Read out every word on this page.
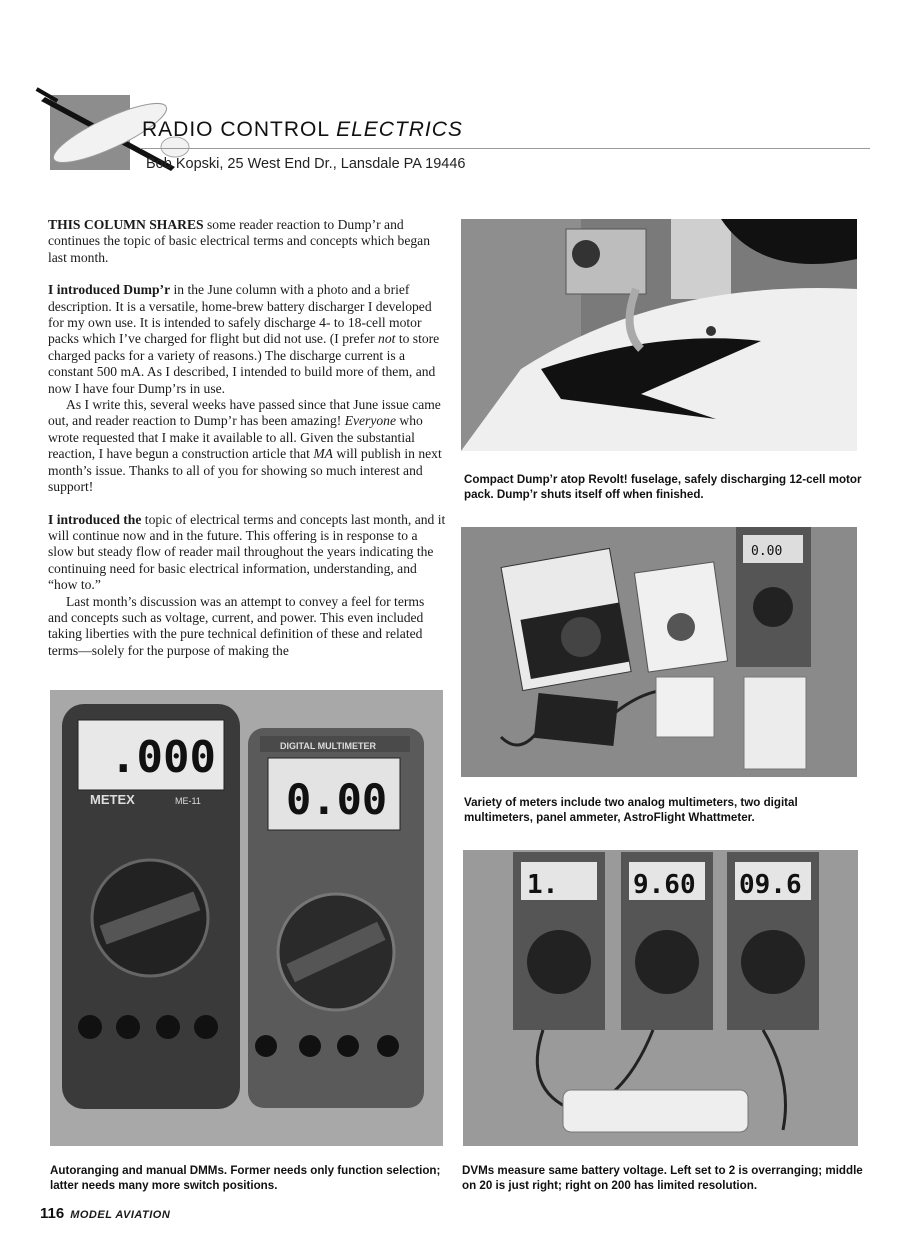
RADIO CONTROL ELECTRICS
Bob Kopski, 25 West End Dr., Lansdale PA 19446

THIS COLUMN SHARES some reader reaction to Dump’r and continues the topic of basic electrical terms and concepts which began last month.

I introduced Dump’r in the June column with a photo and a brief description. It is a versatile, home-brew battery discharger I developed for my own use. It is intended to safely discharge 4- to 18-cell motor packs which I’ve charged for flight but did not use. (I prefer not to store charged packs for a variety of reasons.) The discharge current is a constant 500 mA. As I described, I intended to build more of them, and now I have four Dump’rs in use.

As I write this, several weeks have passed since that June issue came out, and reader reaction to Dump’r has been amazing! Everyone who wrote requested that I make it available to all. Given the substantial reaction, I have begun a construction article that MA will publish in next month’s issue. Thanks to all of you for showing so much interest and support!

I introduced the topic of electrical terms and concepts last month, and it will continue now and in the future. This offering is in response to a slow but steady flow of reader mail throughout the years indicating the continuing need for basic electrical information, understanding, and “how to.”

Last month’s discussion was an attempt to convey a feel for terms and concepts such as voltage, current, and power. This even included taking liberties with the pure technical definition of these and related terms—solely for the purpose of making the

0.00
.000
METEX	ME-11
DIGITAL MULTIMETER
0.00
1.	9.60 09.6
Compact Dump’r atop Revolt! fuselage, safely discharging 12-cell motor pack. Dump’r shuts itself off when finished.
Variety of meters include two analog multimeters, two digital multimeters, panel ammeter, AstroFlight Whattmeter.
Autoranging and manual DMMs. Former needs only function selection; latter needs many more switch positions.
DVMs measure same battery voltage. Left set to 2 is overranging; middle on 20 is just right; right on 200 has limited resolution.
116 MODEL AVIATION
